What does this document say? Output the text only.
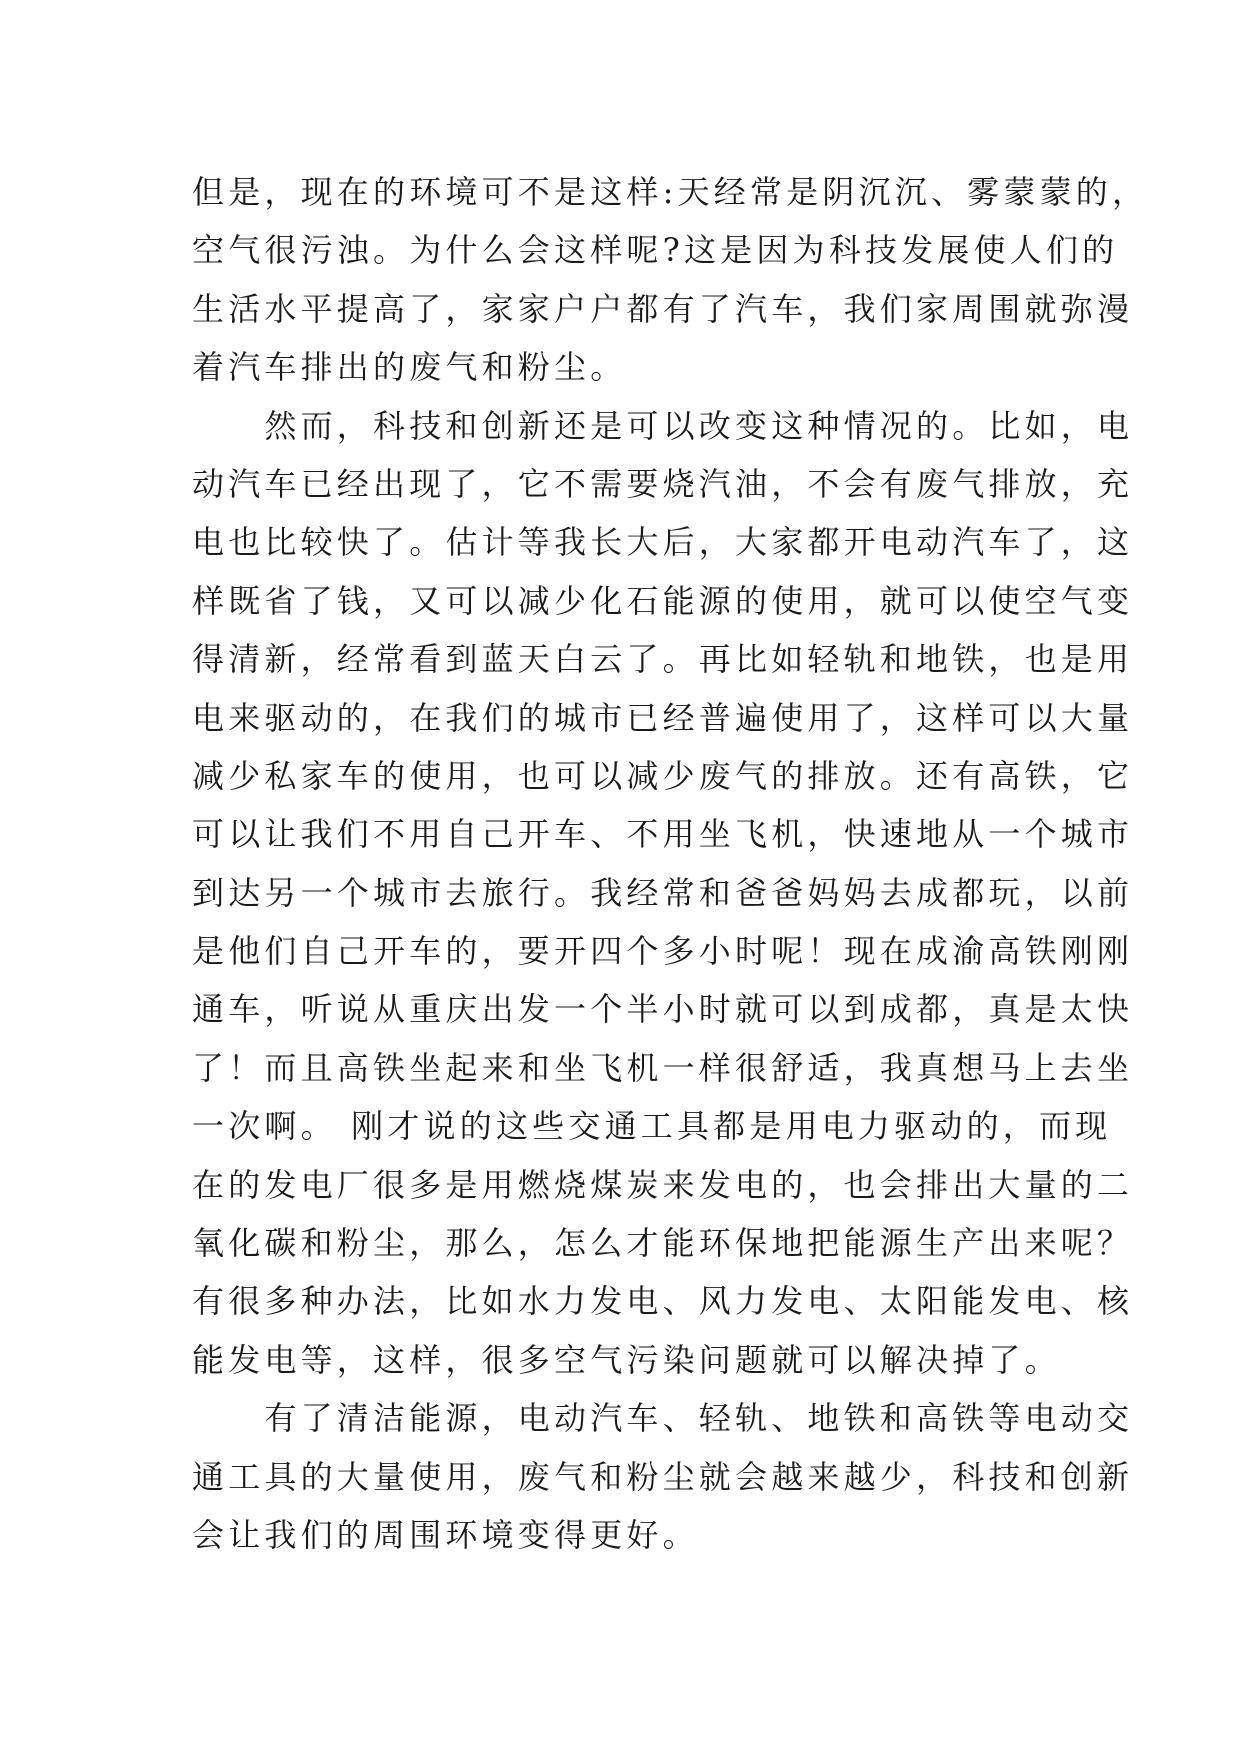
但是，现在的环境可不是这样:天经常是阴沉沉、雾蒙蒙的，
空气很污浊。为什么会这样呢?这是因为科技发展使人们的
生活水平提高了，家家户户都有了汽车，我们家周围就弥漫
着汽车排出的废气和粉尘。
　　然而，科技和创新还是可以改变这种情况的。比如，电
动汽车已经出现了，它不需要烧汽油，不会有废气排放，充
电也比较快了。估计等我长大后，大家都开电动汽车了，这
样既省了钱，又可以减少化石能源的使用，就可以使空气变
得清新，经常看到蓝天白云了。再比如轻轨和地铁，也是用
电来驱动的，在我们的城市已经普遍使用了，这样可以大量
减少私家车的使用，也可以减少废气的排放。还有高铁，它
可以让我们不用自己开车、不用坐飞机，快速地从一个城市
到达另一个城市去旅行。我经常和爸爸妈妈去成都玩，以前
是他们自己开车的，要开四个多小时呢！现在成渝高铁刚刚
通车，听说从重庆出发一个半小时就可以到成都，真是太快
了！而且高铁坐起来和坐飞机一样很舒适，我真想马上去坐
一次啊。 刚才说的这些交通工具都是用电力驱动的，而现
在的发电厂很多是用燃烧煤炭来发电的，也会排出大量的二
氧化碳和粉尘，那么，怎么才能环保地把能源生产出来呢？
有很多种办法，比如水力发电、风力发电、太阳能发电、核
能发电等，这样，很多空气污染问题就可以解决掉了。
　　有了清洁能源，电动汽车、轻轨、地铁和高铁等电动交
通工具的大量使用，废气和粉尘就会越来越少，科技和创新
会让我们的周围环境变得更好。
